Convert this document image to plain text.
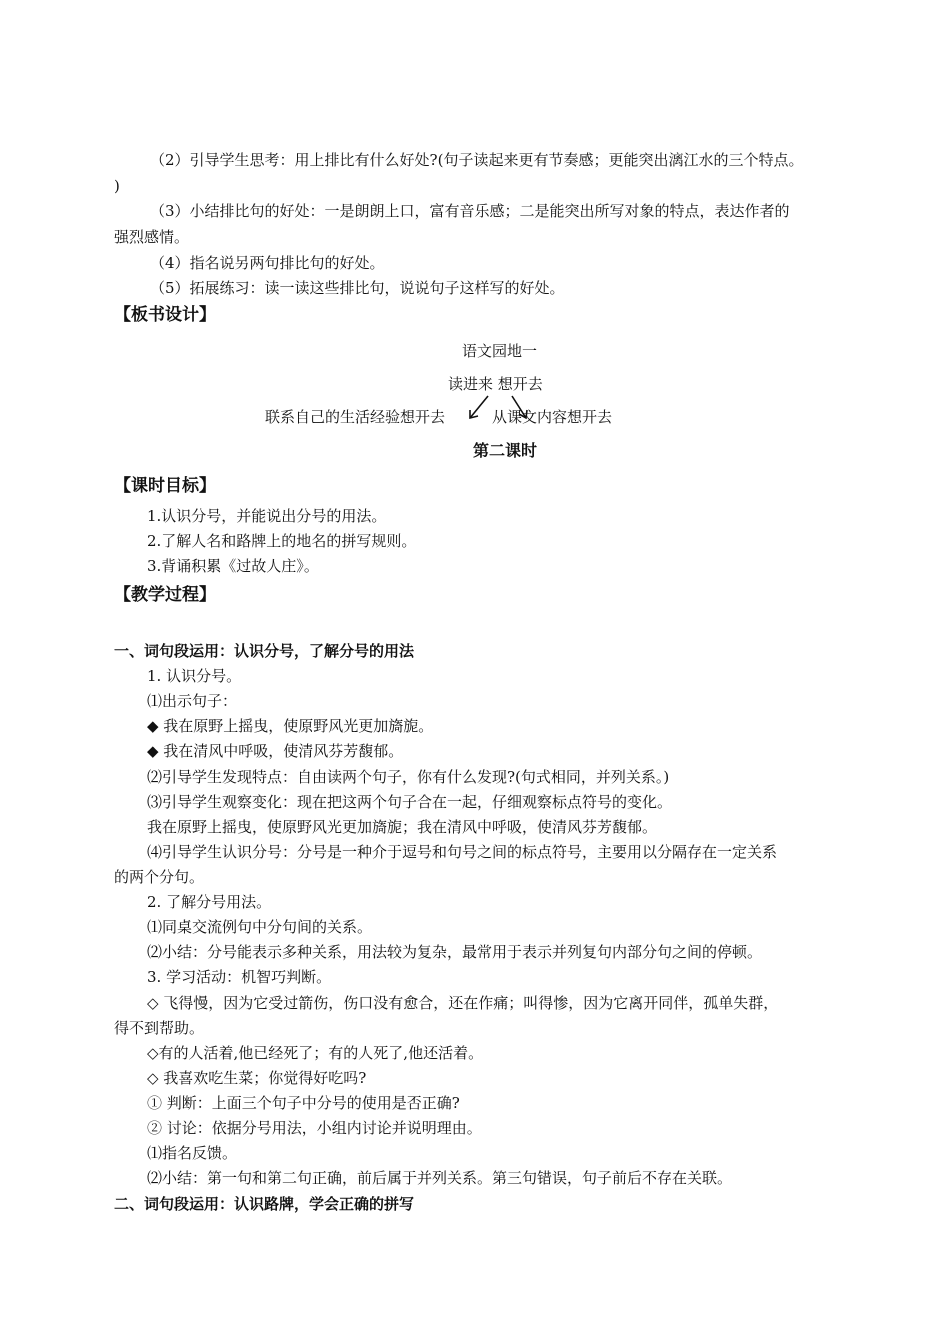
（2）引导学生思考：用上排比有什么好处?(句子读起来更有节奏感；更能突出漓江水的三个特点。
)
（3）小结排比句的好处：一是朗朗上口，富有音乐感；二是能突出所写对象的特点，表达作者的
强烈感情。
（4）指名说另两句排比句的好处。
（5）拓展练习：读一读这些排比句，说说句子这样写的好处。
【板书设计】
语文园地一
读进来 想开去
联系自己的生活经验想开去	从课文内容想开去
第二课时
【课时目标】
1.认识分号，并能说出分号的用法。
2.了解人名和路牌上的地名的拼写规则。
3.背诵积累《过故人庄》。
【教学过程】
一、词句段运用：认识分号，了解分号的用法
1. 认识分号。
⑴出示句子：
◆ 我在原野上摇曳，使原野风光更加旖旎。
◆ 我在清风中呼吸，使清风芬芳馥郁。
⑵引导学生发现特点：自由读两个句子，你有什么发现?(句式相同，并列关系。)
⑶引导学生观察变化：现在把这两个句子合在一起，仔细观察标点符号的变化。
我在原野上摇曳，使原野风光更加旖旎；我在清风中呼吸，使清风芬芳馥郁。
⑷引导学生认识分号：分号是一种介于逗号和句号之间的标点符号，主要用以分隔存在一定关系
的两个分句。
2. 了解分号用法。
⑴同桌交流例句中分句间的关系。
⑵小结：分号能表示多种关系，用法较为复杂，最常用于表示并列复句内部分句之间的停顿。
3. 学习活动：机智巧判断。
◇ 飞得慢，因为它受过箭伤，伤口没有愈合，还在作痛；叫得惨，因为它离开同伴，孤单失群，
得不到帮助。
◇有的人活着,他已经死了；有的人死了,他还活着。
◇ 我喜欢吃生菜；你觉得好吃吗?
① 判断：上面三个句子中分号的使用是否正确?
② 讨论：依据分号用法，小组内讨论并说明理由。
⑴指名反馈。
⑵小结：第一句和第二句正确，前后属于并列关系。第三句错误，句子前后不存在关联。
二、词句段运用：认识路牌，学会正确的拼写
